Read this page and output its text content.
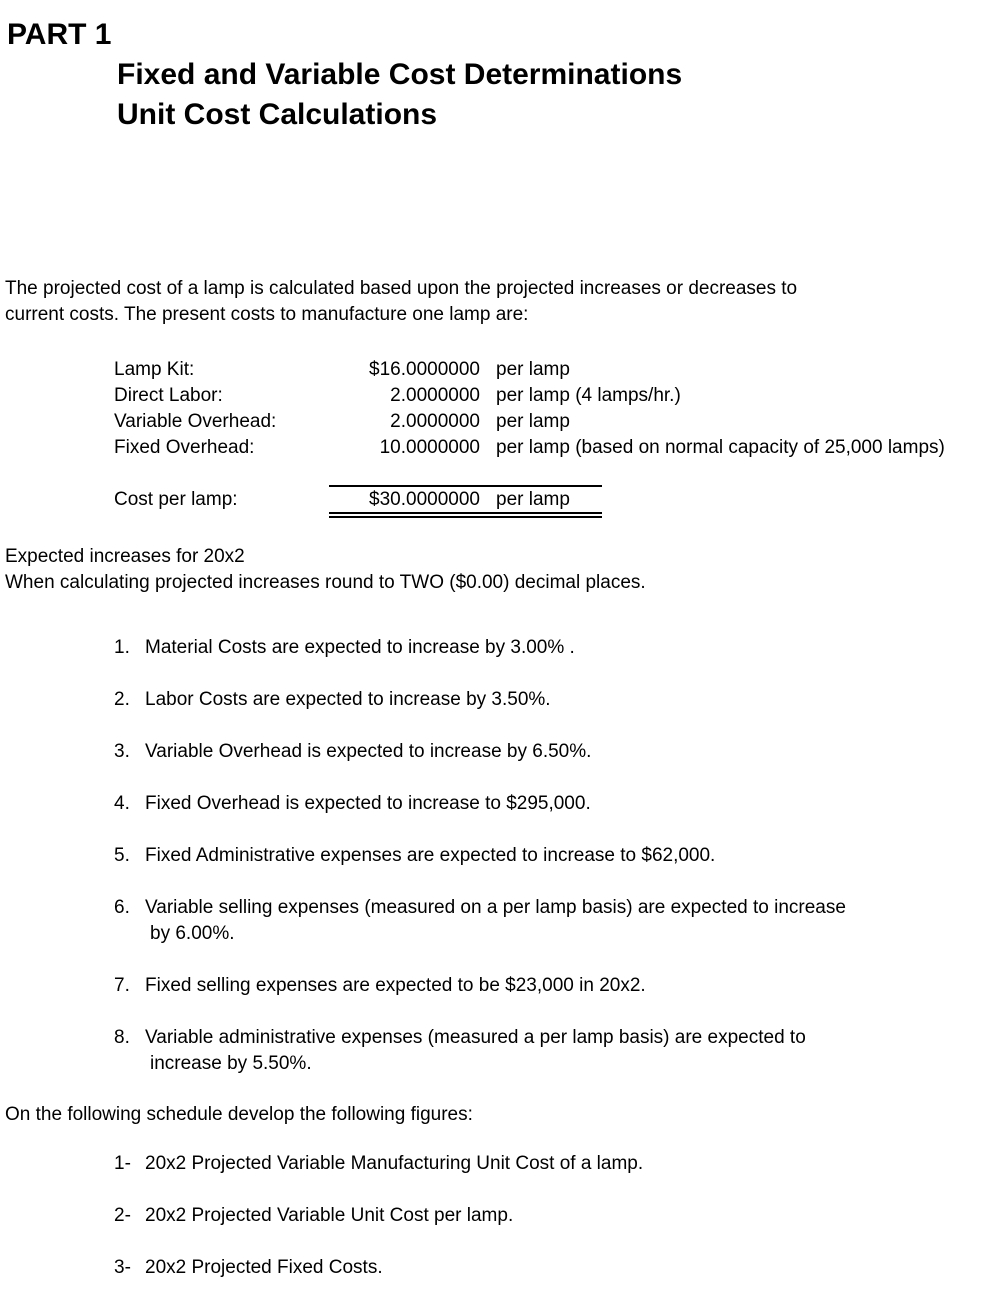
PART 1
Fixed and Variable Cost Determinations
Unit Cost Calculations
The projected cost of a lamp is calculated based upon the projected increases or decreases to
current costs. The present costs to manufacture one lamp are:
Lamp Kit:	$16.0000000 per lamp
Direct Labor:	2.0000000 per lamp (4 lamps/hr.)
Variable Overhead:	2.0000000 per lamp
Fixed Overhead:	10.0000000 per lamp (based on normal capacity of 25,000 lamps)
Cost per lamp:	$30.0000000 per lamp
Expected increases for 20x2
When calculating projected increases round to TWO ($0.00) decimal places.
1. Material Costs are expected to increase by 3.00% .
2. Labor Costs are expected to increase by 3.50%.
3. Variable Overhead is expected to increase by 6.50%.
4. Fixed Overhead is expected to increase to $295,000.
5. Fixed Administrative expenses are expected to increase to $62,000.
6. Variable selling expenses (measured on a per lamp basis) are expected to increase
by 6.00%.
7. Fixed selling expenses are expected to be $23,000 in 20x2.
8. Variable administrative expenses (measured a per lamp basis) are expected to
increase by 5.50%.
On the following schedule develop the following figures:
1- 20x2 Projected Variable Manufacturing Unit Cost of a lamp.
2- 20x2 Projected Variable Unit Cost per lamp.
3- 20x2 Projected Fixed Costs.
